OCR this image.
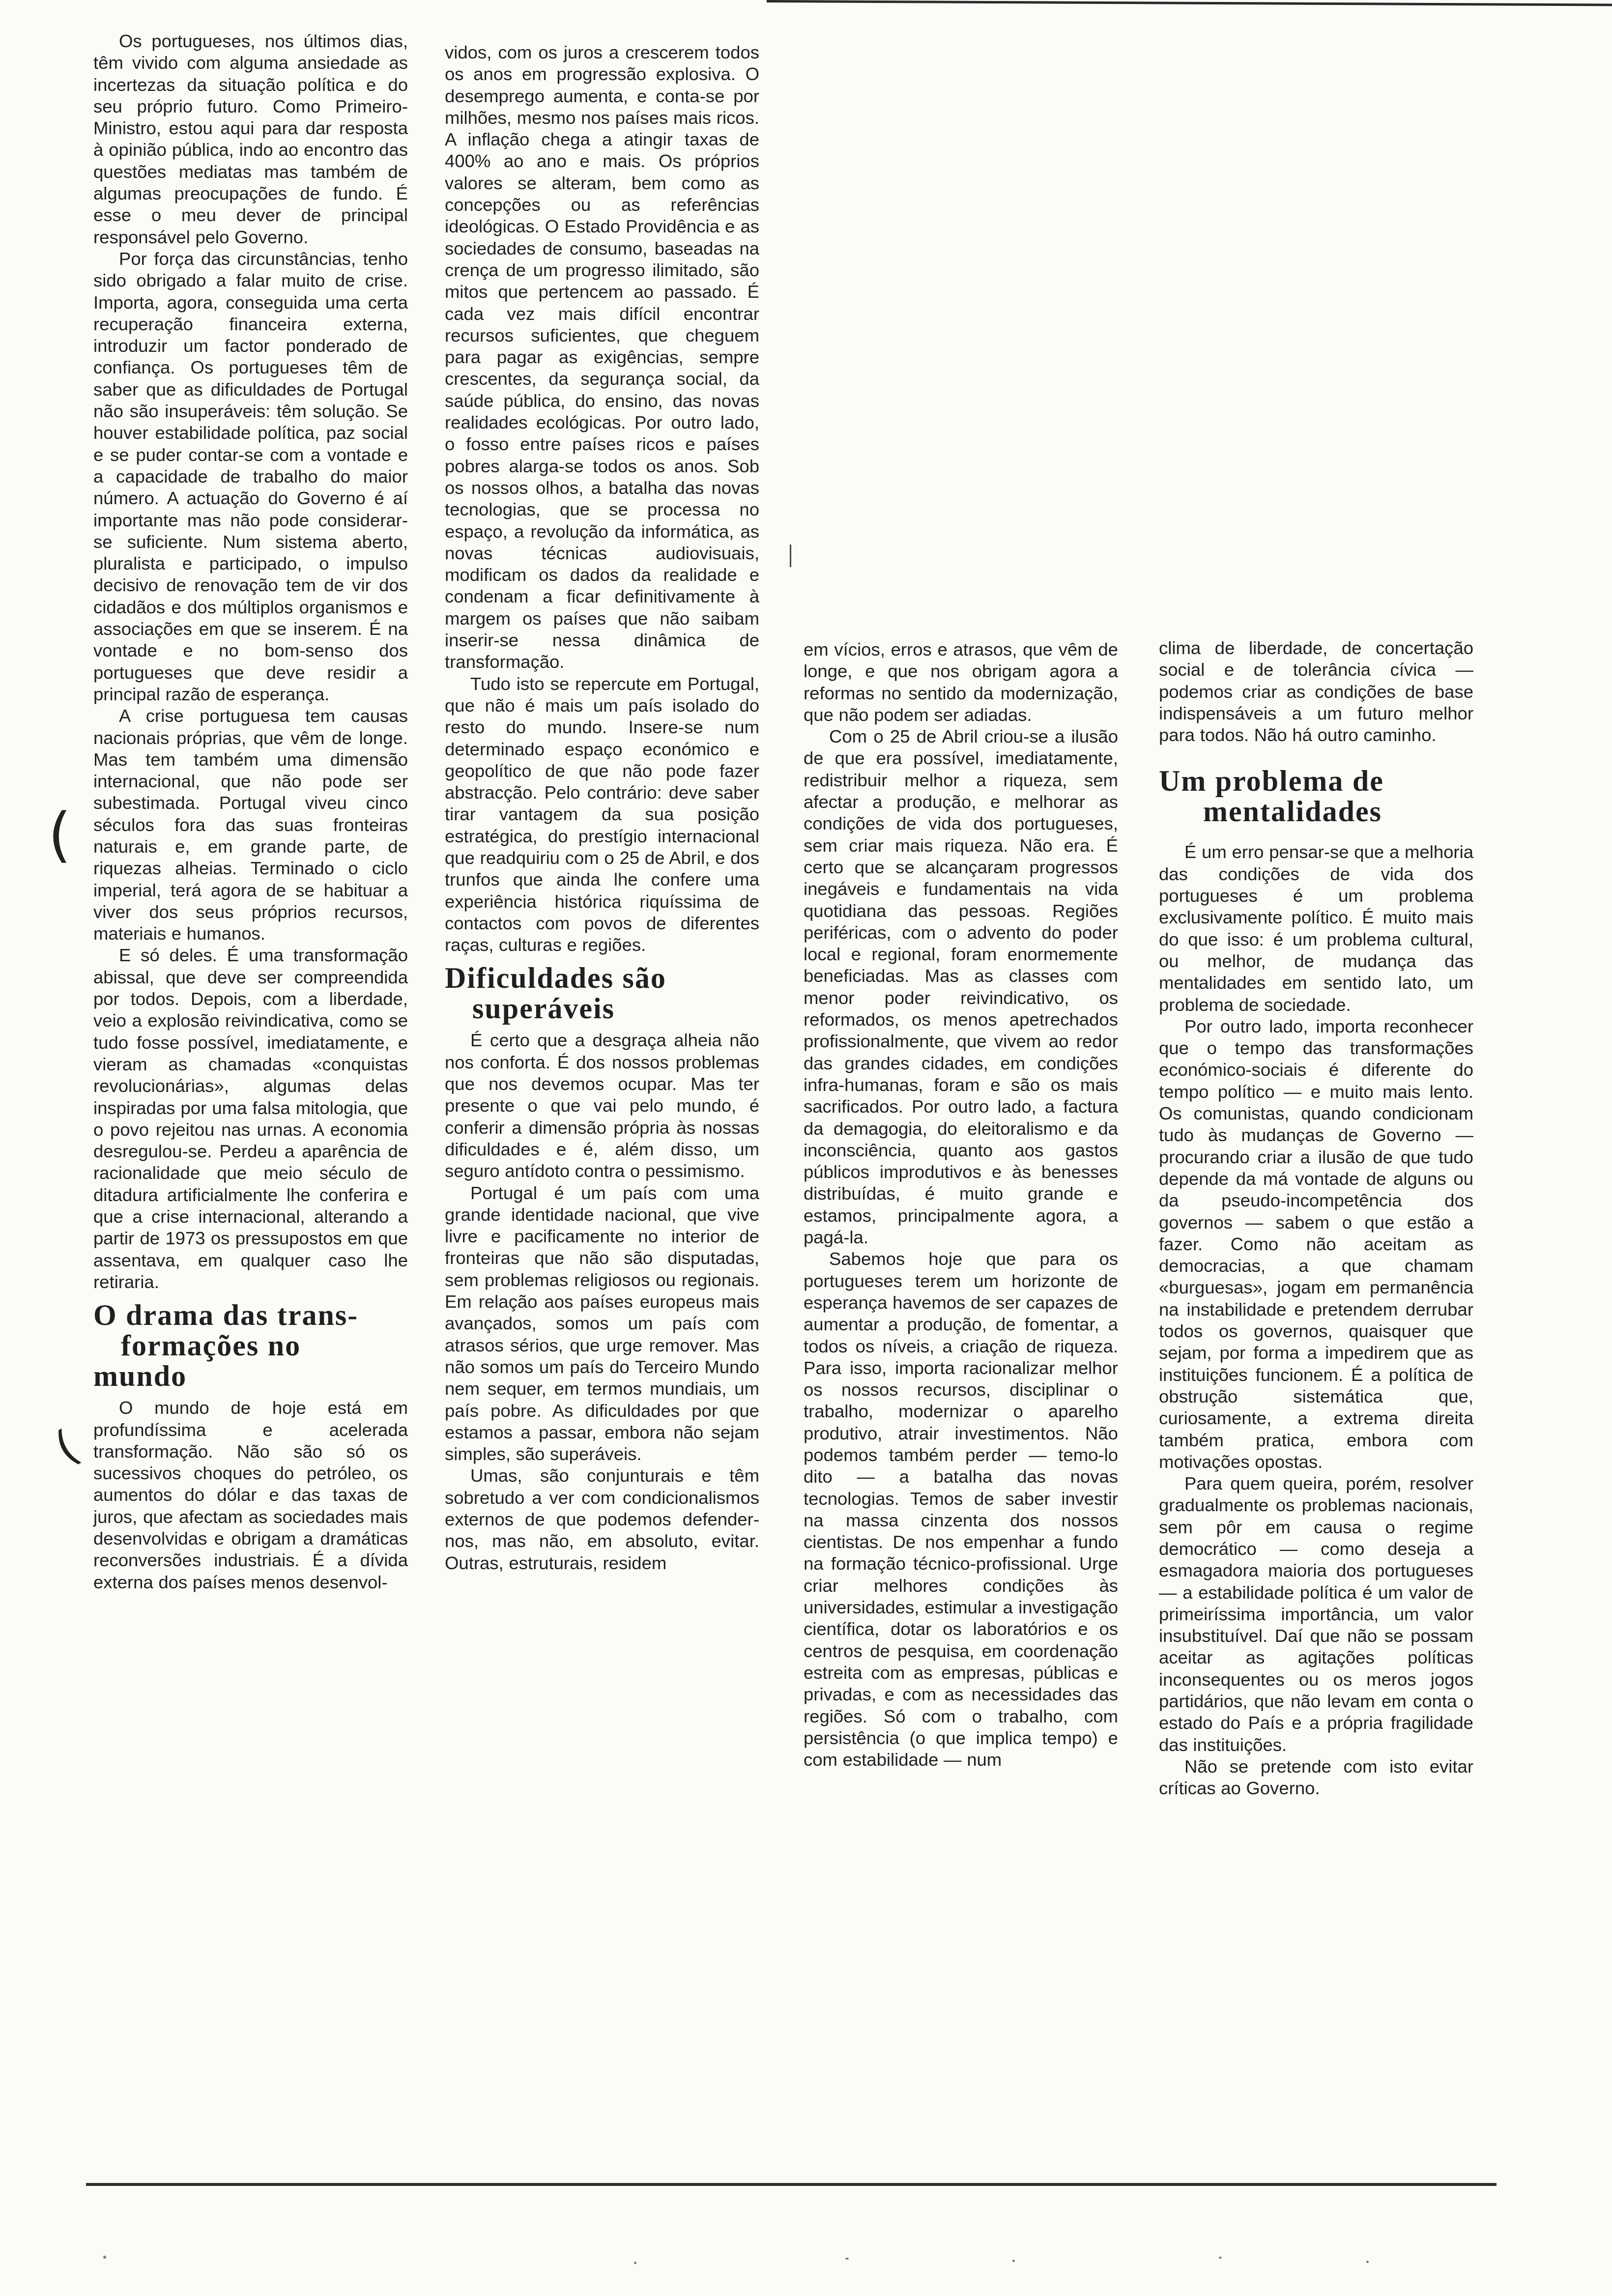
Os portugueses, nos últimos dias, têm vivido com alguma ansiedade as incertezas da situação política e do seu próprio futuro. Como Primeiro-Ministro, estou aqui para dar resposta à opinião pública, indo ao encontro das questões mediatas mas também de algumas preocupações de fundo. É esse o meu dever de principal responsável pelo Governo.

Por força das circunstâncias, tenho sido obrigado a falar muito de crise. Importa, agora, conseguida uma certa recuperação financeira externa, introduzir um factor ponderado de confiança. Os portugueses têm de saber que as dificuldades de Portugal não são insuperáveis: têm solução. Se houver estabilidade política, paz social e se puder contar-se com a vontade e a capacidade de trabalho do maior número. A actuação do Governo é aí importante mas não pode considerar-se suficiente. Num sistema aberto, pluralista e participado, o impulso decisivo de renovação tem de vir dos cidadãos e dos múltiplos organismos e associações em que se inserem. É na vontade e no bom-senso dos portugueses que deve residir a principal razão de esperança.

A crise portuguesa tem causas nacionais próprias, que vêm de longe. Mas tem também uma dimensão internacional, que não pode ser subestimada. Portugal viveu cinco séculos fora das suas fronteiras naturais e, em grande parte, de riquezas alheias. Terminado o ciclo imperial, terá agora de se habituar a viver dos seus próprios recursos, materiais e humanos.

E só deles. É uma transformação abissal, que deve ser compreendida por todos. Depois, com a liberdade, veio a explosão reivindicativa, como se tudo fosse possível, imediatamente, e vieram as chamadas «conquistas revolucionárias», algumas delas inspiradas por uma falsa mitologia, que o povo rejeitou nas urnas. A economia desregulou-se. Perdeu a aparência de racionalidade que meio século de ditadura artificialmente lhe conferira e que a crise internacional, alterando a partir de 1973 os pressupostos em que assentava, em qualquer caso lhe retiraria.

O drama das trans-
formações no
mundo

O mundo de hoje está em profundíssima e acelerada transformação. Não são só os sucessivos choques do petróleo, os aumentos do dólar e das taxas de juros, que afectam as sociedades mais desenvolvidas e obrigam a dramáticas reconversões industriais. É a dívida externa dos países menos desenvol-

vidos, com os juros a crescerem todos os anos em progressão explosiva. O desemprego aumenta, e conta-se por milhões, mesmo nos países mais ricos. A inflação chega a atingir taxas de 400% ao ano e mais. Os próprios valores se alteram, bem como as concepções ou as referências ideológicas. O Estado Providência e as sociedades de consumo, baseadas na crença de um progresso ilimitado, são mitos que pertencem ao passado. É cada vez mais difícil encontrar recursos suficientes, que cheguem para pagar as exigências, sempre crescentes, da segurança social, da saúde pública, do ensino, das novas realidades ecológicas. Por outro lado, o fosso entre países ricos e países pobres alarga-se todos os anos. Sob os nossos olhos, a batalha das novas tecnologias, que se processa no espaço, a revolução da informática, as novas técnicas audiovisuais, modificam os dados da realidade e condenam a ficar definitivamente à margem os países que não saibam inserir-se nessa dinâmica de transformação.

Tudo isto se repercute em Portugal, que não é mais um país isolado do resto do mundo. Insere-se num determinado espaço económico e geopolítico de que não pode fazer abstracção. Pelo contrário: deve saber tirar vantagem da sua posição estratégica, do prestígio internacional que readquiriu com o 25 de Abril, e dos trunfos que ainda lhe confere uma experiência histórica riquíssima de contactos com povos de diferentes raças, culturas e regiões.

Dificuldades são
superáveis

É certo que a desgraça alheia não nos conforta. É dos nossos problemas que nos devemos ocupar. Mas ter presente o que vai pelo mundo, é conferir a dimensão própria às nossas dificuldades e é, além disso, um seguro antídoto contra o pessimismo.

Portugal é um país com uma grande identidade nacional, que vive livre e pacificamente no interior de fronteiras que não são disputadas, sem problemas religiosos ou regionais. Em relação aos países europeus mais avançados, somos um país com atrasos sérios, que urge remover. Mas não somos um país do Terceiro Mundo nem sequer, em termos mundiais, um país pobre. As dificuldades por que estamos a passar, embora não sejam simples, são superáveis.

Umas, são conjunturais e têm sobretudo a ver com condicionalismos externos de que podemos defender-nos, mas não, em absoluto, evitar. Outras, estruturais, residem

em vícios, erros e atrasos, que vêm de longe, e que nos obrigam agora a reformas no sentido da modernização, que não podem ser adiadas.

Com o 25 de Abril criou-se a ilusão de que era possível, imediatamente, redistribuir melhor a riqueza, sem afectar a produção, e melhorar as condições de vida dos portugueses, sem criar mais riqueza. Não era. É certo que se alcançaram progressos inegáveis e fundamentais na vida quotidiana das pessoas. Regiões periféricas, com o advento do poder local e regional, foram enormemente beneficiadas. Mas as classes com menor poder reivindicativo, os reformados, os menos apetrechados profissionalmente, que vivem ao redor das grandes cidades, em condições infra-humanas, foram e são os mais sacrificados. Por outro lado, a factura da demagogia, do eleitoralismo e da inconsciência, quanto aos gastos públicos improdutivos e às benesses distribuídas, é muito grande e estamos, principalmente agora, a pagá-la.

Sabemos hoje que para os portugueses terem um horizonte de esperança havemos de ser capazes de aumentar a produção, de fomentar, a todos os níveis, a criação de riqueza. Para isso, importa racionalizar melhor os nossos recursos, disciplinar o trabalho, modernizar o aparelho produtivo, atrair investimentos. Não podemos também perder — temo-lo dito — a batalha das novas tecnologias. Temos de saber investir na massa cinzenta dos nossos cientistas. De nos empenhar a fundo na formação técnico-profissional. Urge criar melhores condições às universidades, estimular a investigação científica, dotar os laboratórios e os centros de pesquisa, em coordenação estreita com as empresas, públicas e privadas, e com as necessidades das regiões. Só com o trabalho, com persistência (o que implica tempo) e com estabilidade — num

clima de liberdade, de concertação social e de tolerância cívica — podemos criar as condições de base indispensáveis a um futuro melhor para todos. Não há outro caminho.

Um problema de
mentalidades

É um erro pensar-se que a melhoria das condições de vida dos portugueses é um problema exclusivamente político. É muito mais do que isso: é um problema cultural, ou melhor, de mudança das mentalidades em sentido lato, um problema de sociedade.

Por outro lado, importa reconhecer que o tempo das transformações económico-sociais é diferente do tempo político — e muito mais lento. Os comunistas, quando condicionam tudo às mudanças de Governo — procurando criar a ilusão de que tudo depende da má vontade de alguns ou da pseudo-incompetência dos governos — sabem o que estão a fazer. Como não aceitam as democracias, a que chamam «burguesas», jogam em permanência na instabilidade e pretendem derrubar todos os governos, quaisquer que sejam, por forma a impedirem que as instituições funcionem. É a política de obstrução sistemática que, curiosamente, a extrema direita também pratica, embora com motivações opostas.

Para quem queira, porém, resolver gradualmente os problemas nacionais, sem pôr em causa o regime democrático — como deseja a esmagadora maioria dos portugueses — a estabilidade política é um valor de primeiríssima importância, um valor insubstituível. Daí que não se possam aceitar as agitações políticas inconsequentes ou os meros jogos partidários, que não levam em conta o estado do País e a própria fragilidade das instituições.

Não se pretende com isto evitar críticas ao Governo.

(
(
